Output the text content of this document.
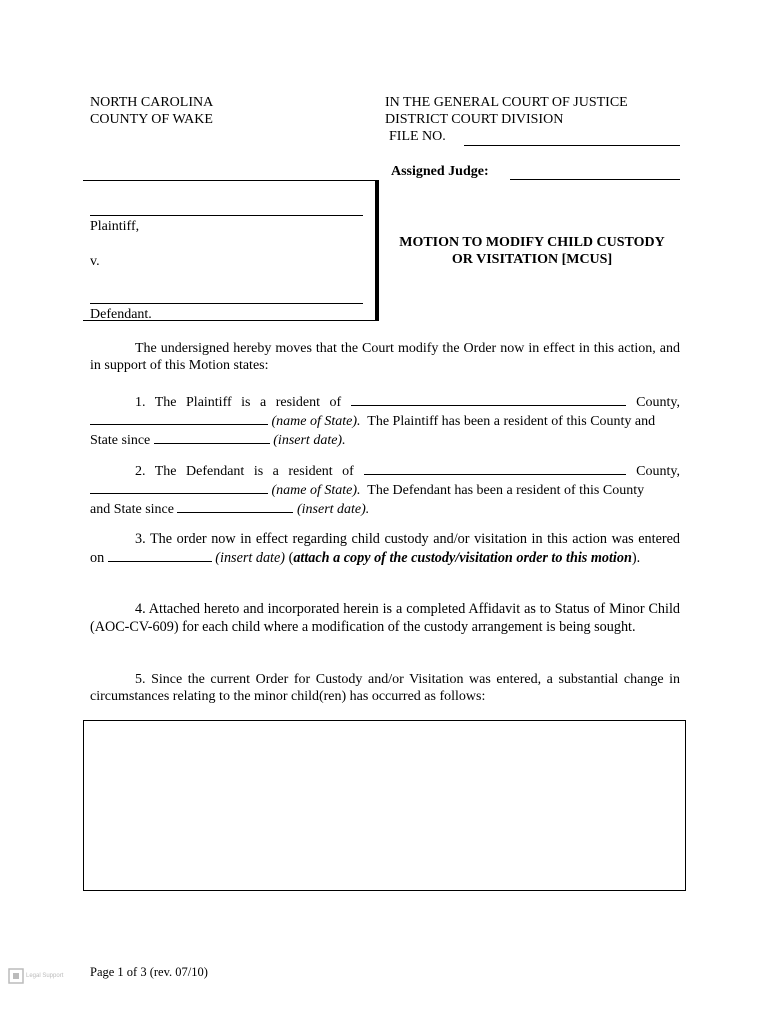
NORTH CAROLINA
COUNTY OF WAKE
IN THE GENERAL COURT OF JUSTICE
DISTRICT COURT DIVISION
FILE NO.
Assigned Judge:
Plaintiff,
v.
Defendant.
MOTION TO MODIFY CHILD CUSTODY
OR VISITATION [MCUS]
The undersigned hereby moves that the Court modify the Order now in effect in this action, and in support of this Motion states:
1. The Plaintiff is a resident of	County,
(name of State). The Plaintiff has been a resident of this County and
State since	(insert date).
2. The Defendant is a resident of	County,
(name of State). The Defendant has been a resident of this County
and State since	(insert date).
3. The order now in effect regarding child custody and/or visitation in this action was entered on	(insert date) (attach a copy of the custody/visitation order to this motion).
4. Attached hereto and incorporated herein is a completed Affidavit as to Status of Minor Child (AOC-CV-609) for each child where a modification of the custody arrangement is being sought.
5. Since the current Order for Custody and/or Visitation was entered, a substantial change in circumstances relating to the minor child(ren) has occurred as follows:
Page 1 of 3 (rev. 07/10)
Legal Support
